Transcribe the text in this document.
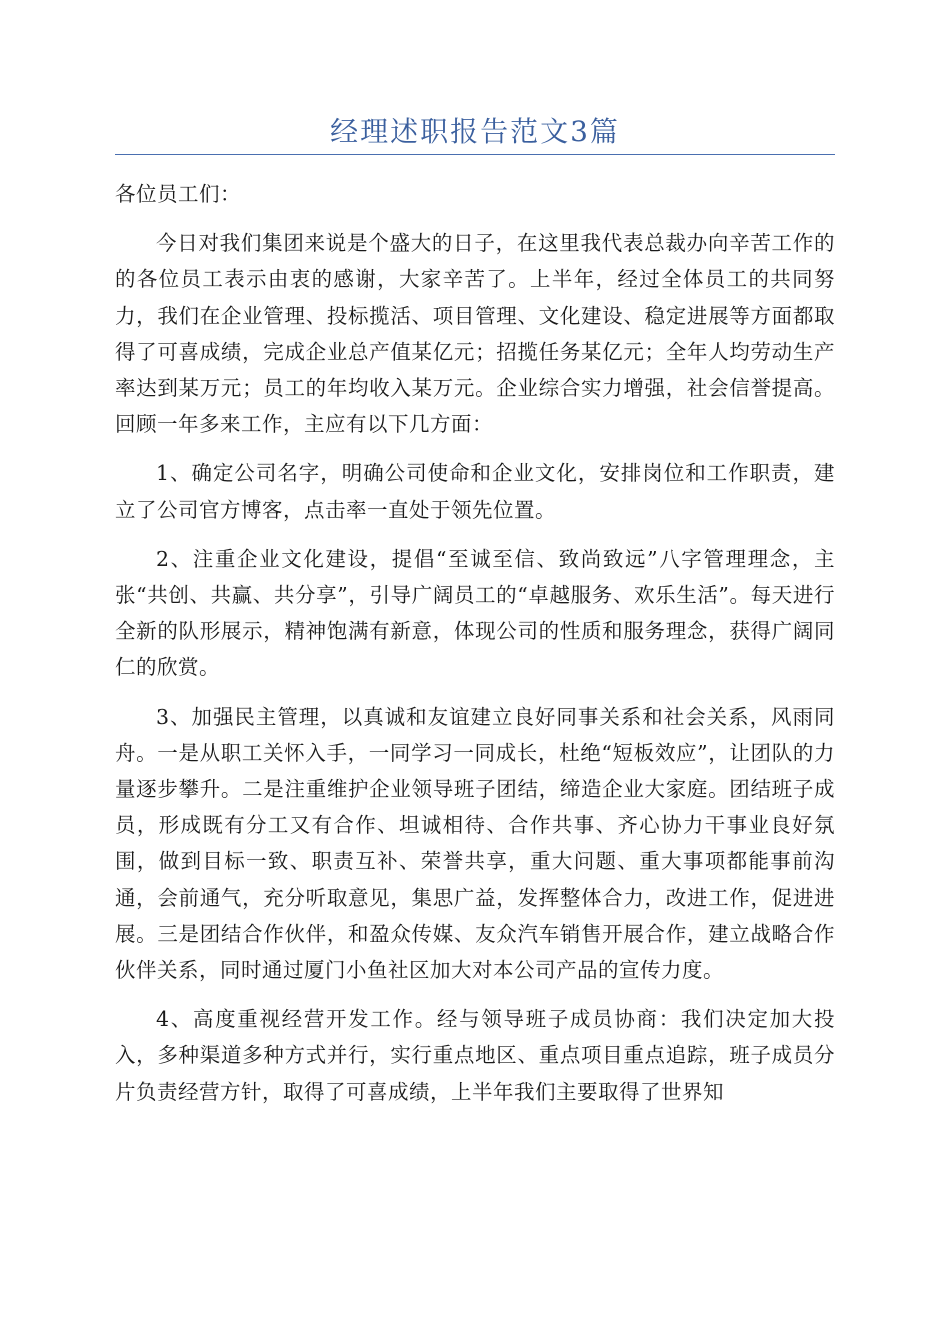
经理述职报告范文3篇

各位员工们：

今日对我们集团来说是个盛大的日子，在这里我代表总裁办向辛苦工作的的各位员工表示由衷的感谢，大家辛苦了。上半年，经过全体员工的共同努力，我们在企业管理、投标揽活、项目管理、文化建设、稳定进展等方面都取得了可喜成绩，完成企业总产值某亿元；招揽任务某亿元；全年人均劳动生产率达到某万元；员工的年均收入某万元。企业综合实力增强，社会信誉提高。回顾一年多来工作，主应有以下几方面：

1、确定公司名字，明确公司使命和企业文化，安排岗位和工作职责，建立了公司官方博客，点击率一直处于领先位置。

2、注重企业文化建设，提倡“至诚至信、致尚致远”八字管理理念，主张“共创、共赢、共分享”，引导广阔员工的“卓越服务、欢乐生活”。每天进行全新的队形展示，精神饱满有新意，体现公司的性质和服务理念，获得广阔同仁的欣赏。

3、加强民主管理，以真诚和友谊建立良好同事关系和社会关系，风雨同舟。一是从职工关怀入手，一同学习一同成长，杜绝“短板效应”，让团队的力量逐步攀升。二是注重维护企业领导班子团结，缔造企业大家庭。团结班子成员，形成既有分工又有合作、坦诚相待、合作共事、齐心协力干事业良好氛围，做到目标一致、职责互补、荣誉共享，重大问题、重大事项都能事前沟通，会前通气，充分听取意见，集思广益，发挥整体合力，改进工作，促进进展。三是团结合作伙伴，和盈众传媒、友众汽车销售开展合作，建立战略合作伙伴关系，同时通过厦门小鱼社区加大对本公司产品的宣传力度。

4、高度重视经营开发工作。经与领导班子成员协商：我们决定加大投入，多种渠道多种方式并行，实行重点地区、重点项目重点追踪，班子成员分片负责经营方针，取得了可喜成绩，上半年我们主要取得了世界知
